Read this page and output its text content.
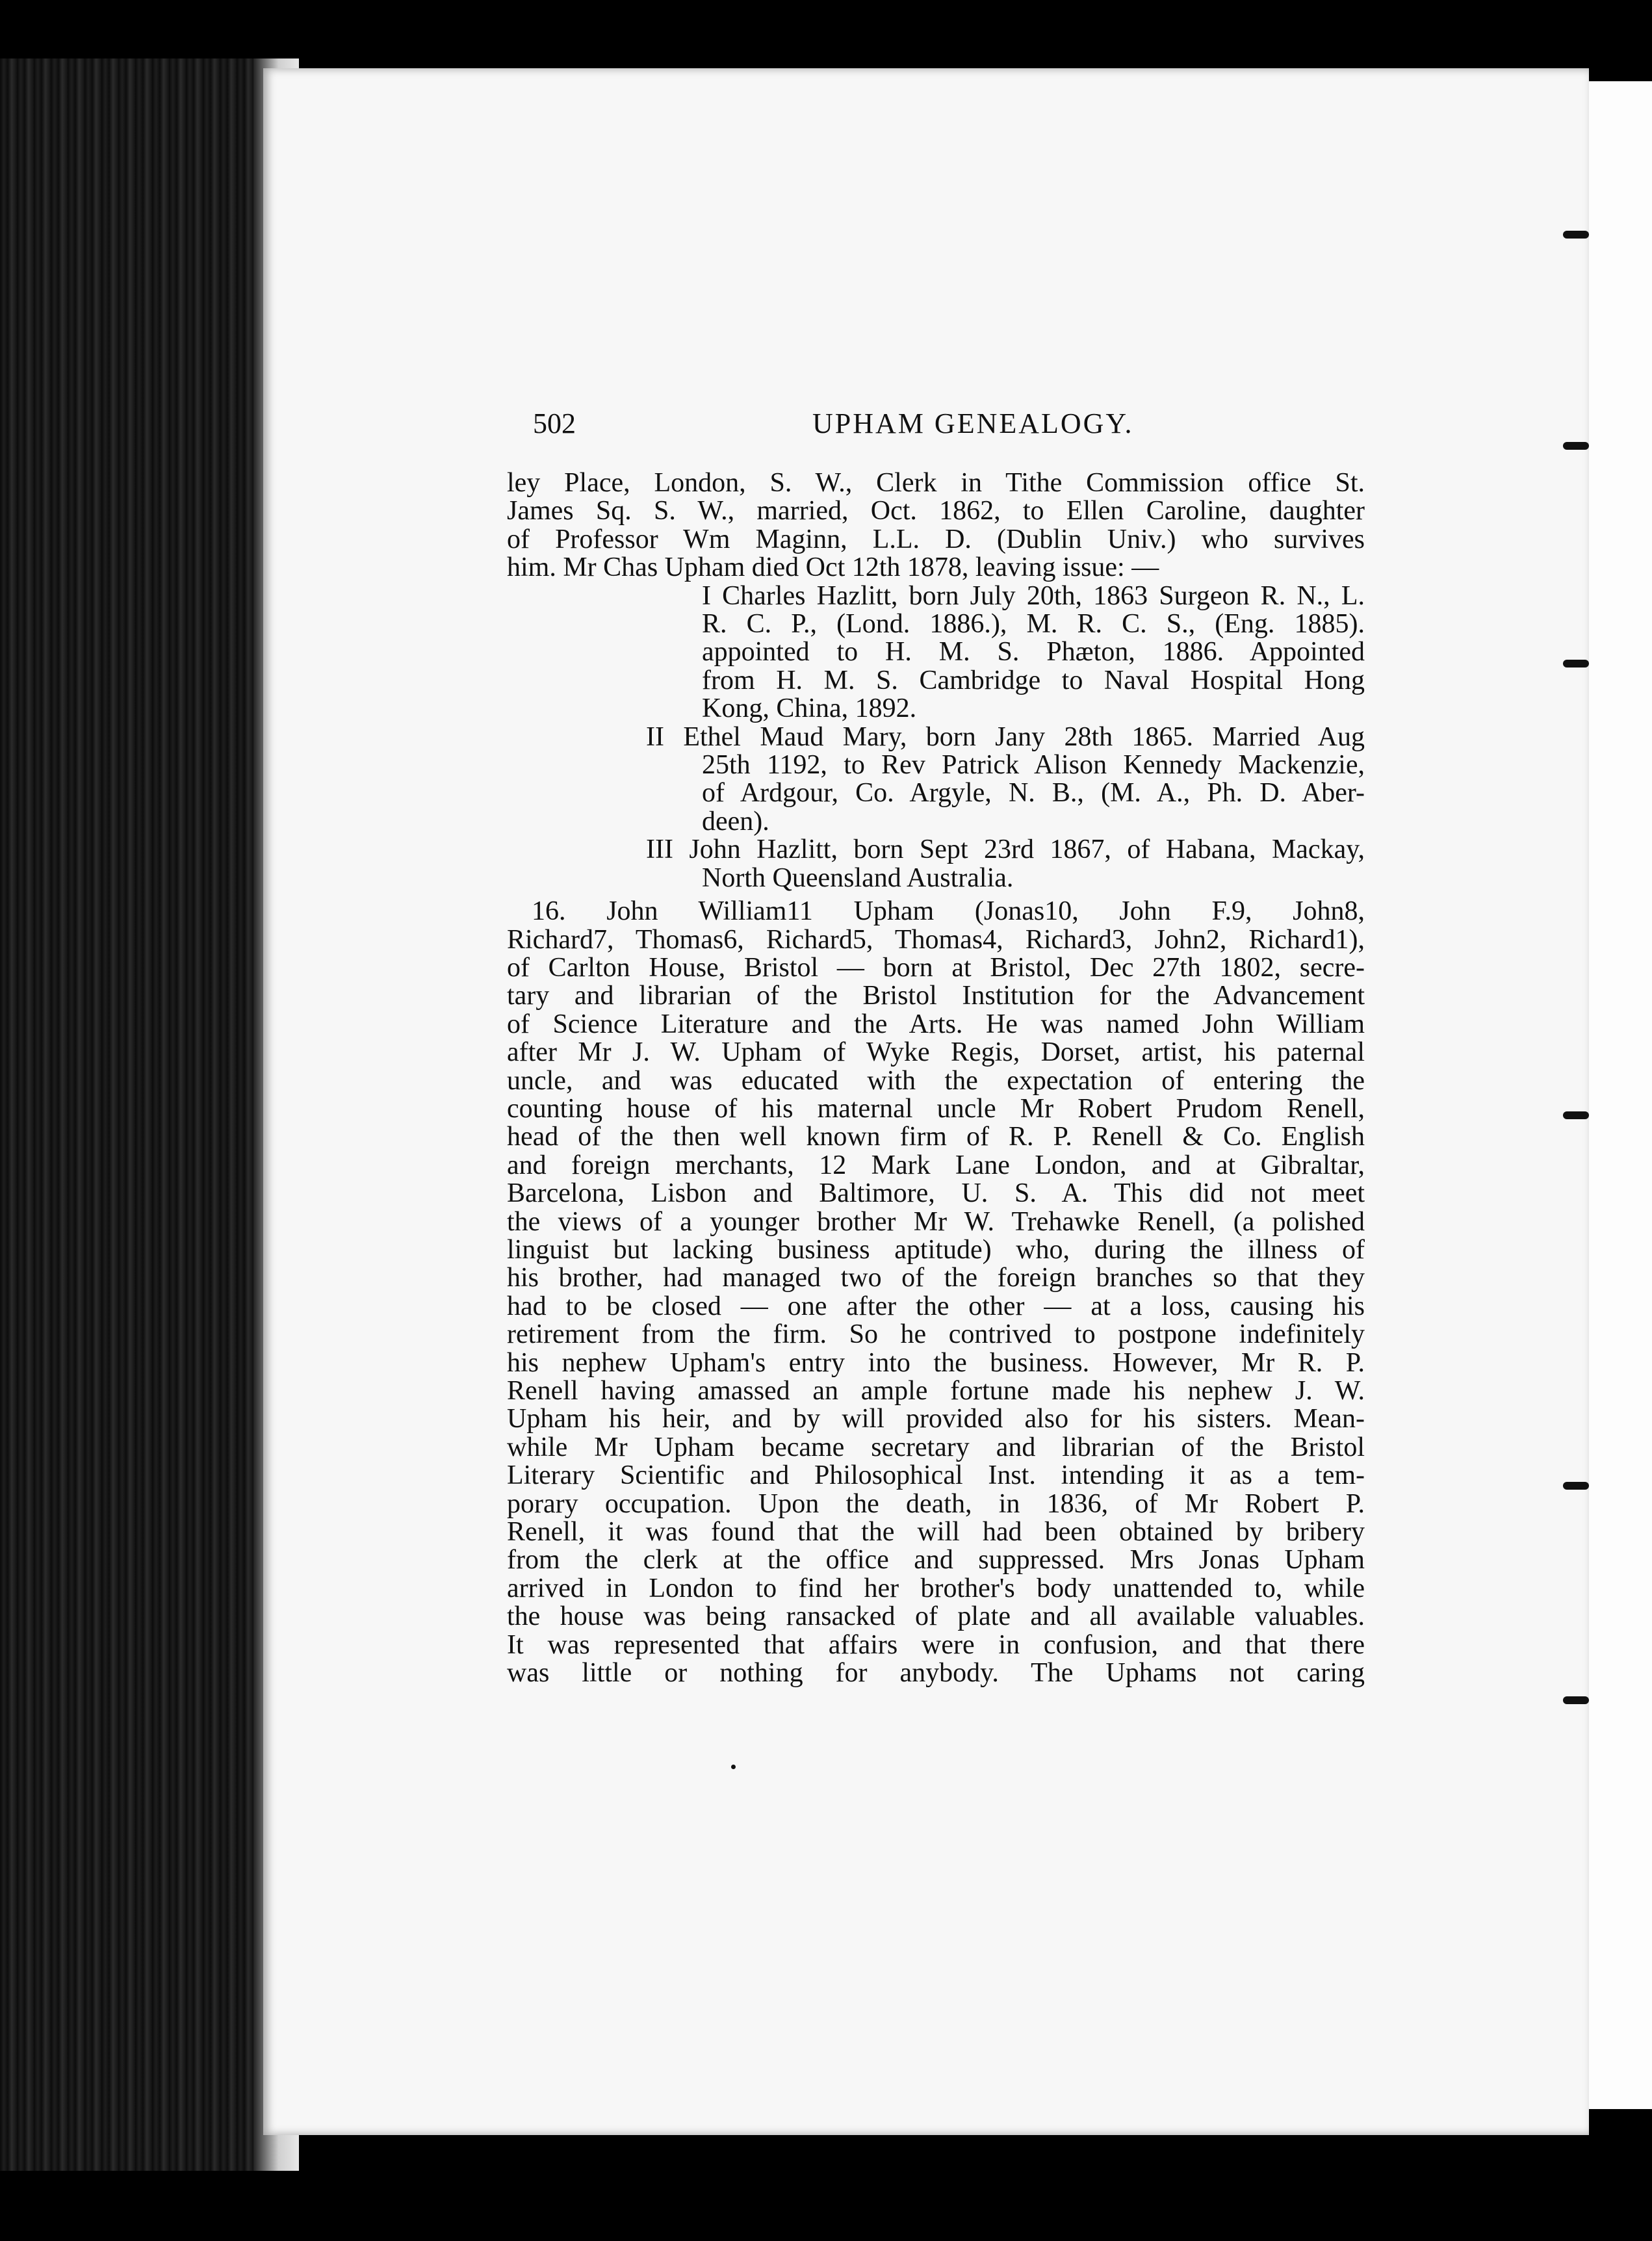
502	UPHAM GENEALOGY.
ley Place, London, S. W., Clerk in Tithe Commission office St.
James Sq. S. W., married, Oct. 1862, to Ellen Caroline, daughter
of Professor Wm Maginn, L.L. D. (Dublin Univ.) who survives
him. Mr Chas Upham died Oct 12th 1878, leaving issue: —
I Charles Hazlitt, born July 20th, 1863 Surgeon R. N., L.
R. C. P., (Lond. 1886.), M. R. C. S., (Eng. 1885).
appointed to H. M. S. Phæton, 1886. Appointed
from H. M. S. Cambridge to Naval Hospital Hong
Kong, China, 1892.
II Ethel Maud Mary, born Jany 28th 1865. Married Aug
25th 1192, to Rev Patrick Alison Kennedy Mackenzie,
of Ardgour, Co. Argyle, N. B., (M. A., Ph. D. Aber-
deen).
III John Hazlitt, born Sept 23rd 1867, of Habana, Mackay,
North Queensland Australia.
16. John William11 Upham (Jonas10, John F.9, John8,
Richard7, Thomas6, Richard5, Thomas4, Richard3, John2, Richard1),
of Carlton House, Bristol — born at Bristol, Dec 27th 1802, secre-
tary and librarian of the Bristol Institution for the Advancement
of Science Literature and the Arts. He was named John William
after Mr J. W. Upham of Wyke Regis, Dorset, artist, his paternal
uncle, and was educated with the expectation of entering the
counting house of his maternal uncle Mr Robert Prudom Renell,
head of the then well known firm of R. P. Renell & Co. English
and foreign merchants, 12 Mark Lane London, and at Gibraltar,
Barcelona, Lisbon and Baltimore, U. S. A. This did not meet
the views of a younger brother Mr W. Trehawke Renell, (a polished
linguist but lacking business aptitude) who, during the illness of
his brother, had managed two of the foreign branches so that they
had to be closed — one after the other — at a loss, causing his
retirement from the firm. So he contrived to postpone indefinitely
his nephew Upham's entry into the business. However, Mr R. P.
Renell having amassed an ample fortune made his nephew J. W.
Upham his heir, and by will provided also for his sisters. Mean-
while Mr Upham became secretary and librarian of the Bristol
Literary Scientific and Philosophical Inst. intending it as a tem-
porary occupation. Upon the death, in 1836, of Mr Robert P.
Renell, it was found that the will had been obtained by bribery
from the clerk at the office and suppressed. Mrs Jonas Upham
arrived in London to find her brother's body unattended to, while
the house was being ransacked of plate and all available valuables.
It was represented that affairs were in confusion, and that there
was little or nothing for anybody. The Uphams not caring
